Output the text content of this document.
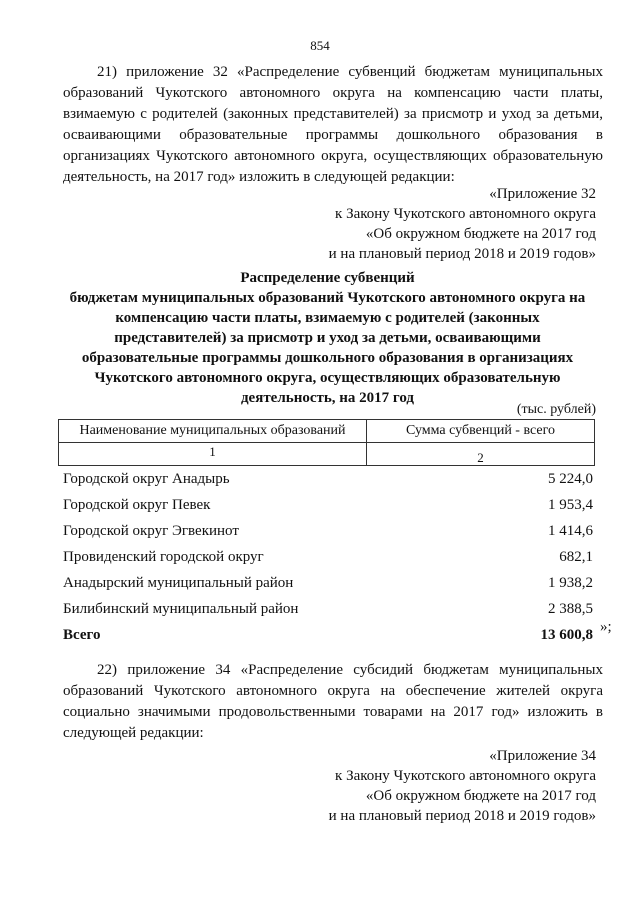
854
21) приложение 32 «Распределение субвенций бюджетам муниципальных
образований Чукотского автономного округа на компенсацию части платы,
взимаемую с родителей (законных представителей) за присмотр и уход за детьми,
осваивающими образовательные программы дошкольного образования в
организациях Чукотского автономного округа, осуществляющих образовательную
деятельность, на 2017 год» изложить в следующей редакции:
«Приложение 32
к Закону Чукотского автономного округа
«Об окружном бюджете на 2017 год
и на плановый период 2018 и 2019 годов»
Распределение субвенций
бюджетам муниципальных образований Чукотского автономного округа на
компенсацию части платы, взимаемую с родителей (законных
представителей) за присмотр и уход за детьми, осваивающими
образовательные программы дошкольного образования в организациях
Чукотского автономного округа, осуществляющих образовательную
деятельность, на 2017 год
(тыс. рублей)
Наименование муниципальных образований	Сумма субвенций - всего
1	2
Городской округ Анадырь	5 224,0
Городской округ Певек	1 953,4
Городской округ Эгвекинот	1 414,6
Провиденский городской округ	682,1
Анадырский муниципальный район	1 938,2
Билибинский муниципальный район	2 388,5
Всего	13 600,8 »;
22) приложение 34 «Распределение субсидий бюджетам муниципальных
образований Чукотского автономного округа на обеспечение жителей округа
социально значимыми продовольственными товарами на 2017 год» изложить в
следующей редакции:
«Приложение 34
к Закону Чукотского автономного округа
«Об окружном бюджете на 2017 год
и на плановый период 2018 и 2019 годов»
